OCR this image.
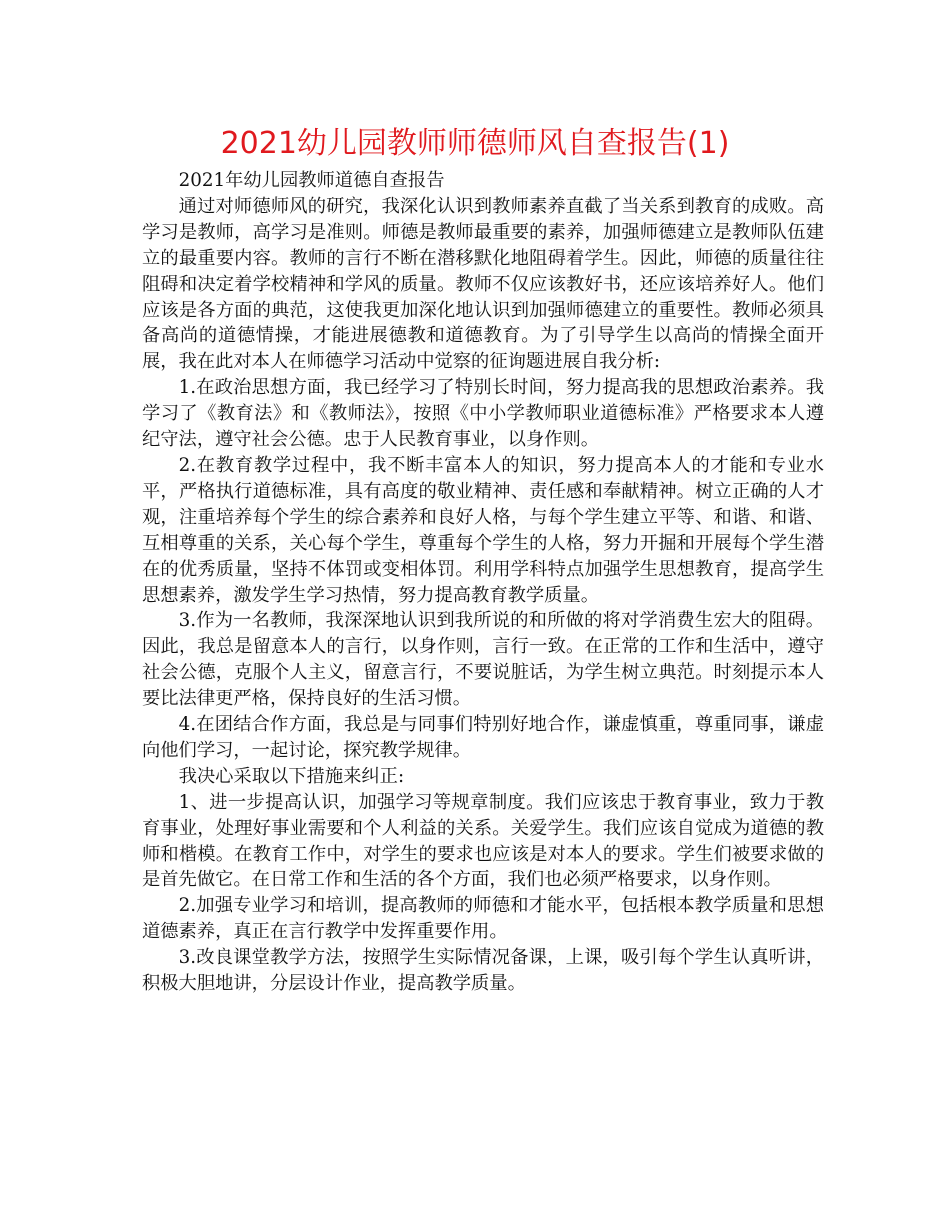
2021幼儿园教师师德师风自查报告(1)

2021年幼儿园教师道德自查报告

通过对师德师风的研究，我深化认识到教师素养直截了当关系到教育的成败。高学习是教师，高学习是准则。师德是教师最重要的素养，加强师德建立是教师队伍建立的最重要内容。教师的言行不断在潜移默化地阻碍着学生。因此，师德的质量往往阻碍和决定着学校精神和学风的质量。教师不仅应该教好书，还应该培养好人。他们应该是各方面的典范，这使我更加深化地认识到加强师德建立的重要性。教师必须具备高尚的道德情操，才能进展德教和道德教育。为了引导学生以高尚的情操全面开展，我在此对本人在师德学习活动中觉察的征询题进展自我分析:

1.在政治思想方面，我已经学习了特别长时间，努力提高我的思想政治素养。我学习了《教育法》和《教师法》，按照《中小学教师职业道德标准》严格要求本人遵纪守法，遵守社会公德。忠于人民教育事业，以身作则。

2.在教育教学过程中，我不断丰富本人的知识，努力提高本人的才能和专业水平，严格执行道德标准，具有高度的敬业精神、责任感和奉献精神。树立正确的人才观，注重培养每个学生的综合素养和良好人格，与每个学生建立平等、和谐、和谐、互相尊重的关系，关心每个学生，尊重每个学生的人格，努力开掘和开展每个学生潜在的优秀质量，坚持不体罚或变相体罚。利用学科特点加强学生思想教育，提高学生思想素养，激发学生学习热情，努力提高教育教学质量。

3.作为一名教师，我深深地认识到我所说的和所做的将对学消费生宏大的阻碍。因此，我总是留意本人的言行，以身作则，言行一致。在正常的工作和生活中，遵守社会公德，克服个人主义，留意言行，不要说脏话，为学生树立典范。时刻提示本人要比法律更严格，保持良好的生活习惯。

4.在团结合作方面，我总是与同事们特别好地合作，谦虚慎重，尊重同事，谦虚向他们学习，一起讨论，探究教学规律。

我决心采取以下措施来纠正:

1、进一步提高认识，加强学习等规章制度。我们应该忠于教育事业，致力于教育事业，处理好事业需要和个人利益的关系。关爱学生。我们应该自觉成为道德的教师和楷模。在教育工作中，对学生的要求也应该是对本人的要求。学生们被要求做的是首先做它。在日常工作和生活的各个方面，我们也必须严格要求，以身作则。

2.加强专业学习和培训，提高教师的师德和才能水平，包括根本教学质量和思想道德素养，真正在言行教学中发挥重要作用。

3.改良课堂教学方法，按照学生实际情况备课，上课，吸引每个学生认真听讲，积极大胆地讲，分层设计作业，提高教学质量。
